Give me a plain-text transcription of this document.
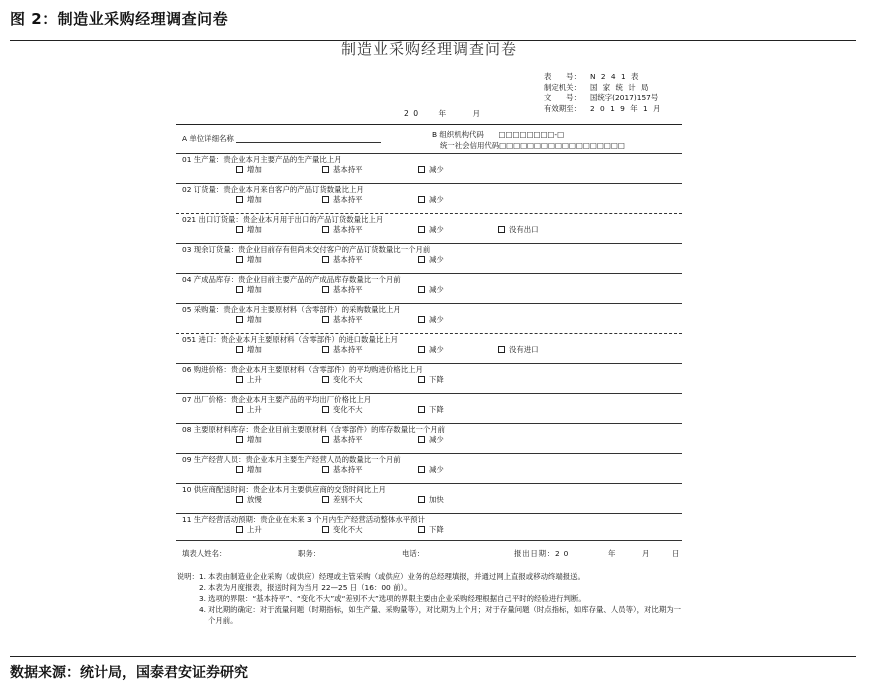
图 2：制造业采购经理调查问卷
制造业采购经理调查问卷
表　　号：	N 2 4 1 表
制定机关：	国 家 统 计 局
文　　号：	国统字(2017)157号
有效期至：	2 0 1 9 年 1 月
2 0	年	月
A 单位详细名称	B 组织机构代码　　□□□□□□□□-□
统一社会信用代码□□□□□□□□□□□□□□□□□□
01 生产量：贵企业本月主要产品的生产量比上月
增加	基本持平	减少
02 订货量：贵企业本月来自客户的产品订货数量比上月
增加	基本持平	减少
021 出口订货量：贵企业本月用于出口的产品订货数量比上月
增加	基本持平	减少	没有出口
03 现余订货量：贵企业目前存有但尚未交付客户的产品订货数量比一个月前
增加	基本持平	减少
04 产成品库存：贵企业目前主要产品的产成品库存数量比一个月前
增加	基本持平	减少
05 采购量：贵企业本月主要原材料（含零部件）的采购数量比上月
增加	基本持平	减少
051 进口：贵企业本月主要原材料（含零部件）的进口数量比上月
增加	基本持平	减少	没有进口
06 购进价格：贵企业本月主要原材料（含零部件）的平均购进价格比上月
上升	变化不大	下降
07 出厂价格：贵企业本月主要产品的平均出厂价格比上月
上升	变化不大	下降
08 主要原材料库存：贵企业目前主要原材料（含零部件）的库存数量比一个月前
增加	基本持平	减少
09 生产经营人员：贵企业本月主要生产经营人员的数量比一个月前
增加	基本持平	减少
10 供应商配送时间：贵企业本月主要供应商的交货时间比上月
放慢	差别不大	加快
11 生产经营活动预期：贵企业在未来 3 个月内生产经营活动整体水平预计
上升	变化不大	下降
填表人姓名：	职务：	电话：	报出日期：2 0	年	月	日
说明：1. 本表由制造业企业采购（或供应）经理或主管采购（或供应）业务的总经理填报，并通过网上直报或移动终端报送。
2. 本表为月度报表，报送时间为当月 22—25 日（16：00 前）。
3. 选项的界限：“基本持平”、“变化不大”或“差别不大”选项的界限主要由企业采购经理根据自己平时的经验进行判断。
4. 对比期的确定：对于流量问题（时期指标，如生产量、采购量等），对比期为上个月；对于存量问题（时点指标，如库存量、人员等），对比期为一个月前。
数据来源：统计局，国泰君安证券研究
